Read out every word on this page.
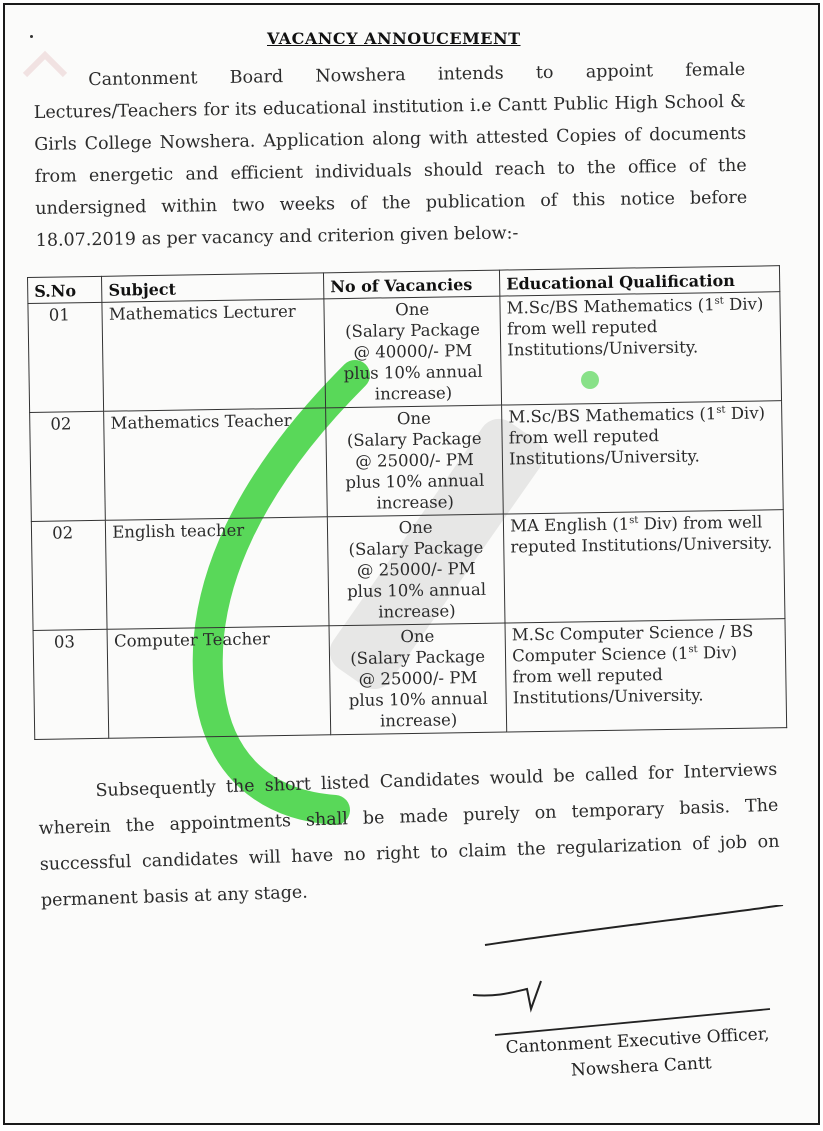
VACANCY ANNOUCEMENT
Cantonment Board Nowshera intends to appoint female Lectures/Teachers for its educational institution i.e Cantt Public High School & Girls College Nowshera. Application along with attested Copies of documents from energetic and efficient individuals should reach to the office of the undersigned within two weeks of the publication of this notice before 18.07.2019 as per vacancy and criterion given below:-
S.No	Subject	No of Vacancies	Educational Qualification
01	Mathematics Lecturer	One
(Salary Package
@ 40000/- PM
plus 10% annual
increase)	M.Sc/BS Mathematics (1st Div) from well reputed Institutions/University.
02	Mathematics Teacher	One
(Salary Package
@ 25000/- PM
plus 10% annual
increase)	M.Sc/BS Mathematics (1st Div) from well reputed Institutions/University.
02	English teacher	One
(Salary Package
@ 25000/- PM
plus 10% annual
increase)	MA English (1st Div) from well reputed Institutions/University.
03	Computer Teacher	One
(Salary Package
@ 25000/- PM
plus 10% annual
increase)	M.Sc Computer Science / BS Computer Science (1st Div) from well reputed Institutions/University.
Subsequently the short listed Candidates would be called for Interviews wherein the appointments shall be made purely on temporary basis. The successful candidates will have no right to claim the regularization of job on permanent basis at any stage.
Cantonment Executive Officer,
Nowshera Cantt
